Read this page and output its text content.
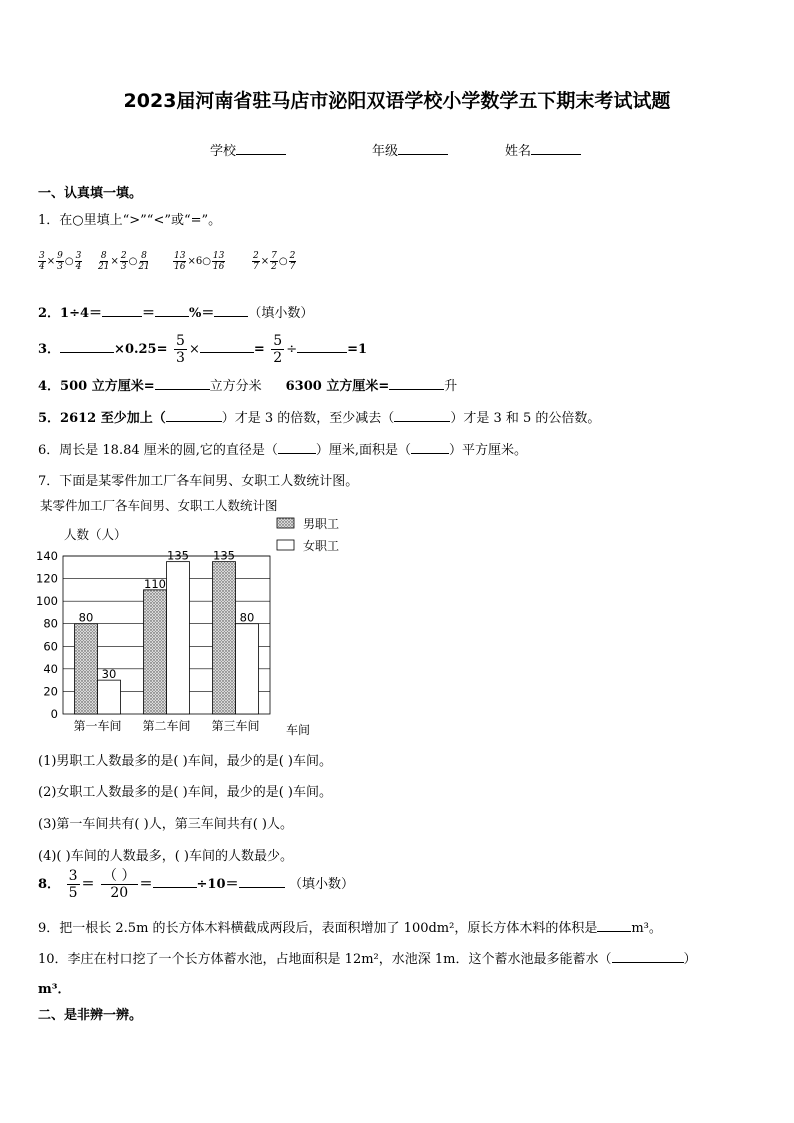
2023届河南省驻马店市泌阳双语学校小学数学五下期末考试试题
学校	年级	姓名
一、认真填一填。
1．在○里填上“>”“<”或“=”。
$\frac{3}{4} \times \frac{9}{3}$ ○ $\frac{3}{4} \frac{8}{21} \times \frac{2}{3}$ ○ $\frac{8}{21}$	$\frac{13}{16}$ ×6○ $\frac{13}{16}$	$\frac{2}{7} \times \frac{7}{2}$ ○ $\frac{2}{7}$
2．1÷4＝	＝	%＝	（填小数）
3．	$\times 0.25= \frac{5}{3}$ ×	= $\frac{5}{2}$ ÷	=1
4．500 立方厘米=	立方分米 6300 立方厘米=	升
5．2612 至少加上（	）才是 3 的倍数，至少减去（	）才是 3 和 5 的公倍数。
6．周长是 18.84 厘米的圆,它的直径是（	）厘米,面积是（	）平方厘米。
7．下面是某零件加工厂各车间男、女职工人数统计图。
某零件加工厂各车间男、女职工人数统计图
人数（人）
0
20
40
60
80
100
120
140
80
30
第一车间
110
135
第二车间
135
80
第三车间 车间
男职工
女职工
(1)男职工人数最多的是( )车间，最少的是( )车间。
(2)女职工人数最多的是( )车间，最少的是( )车间。
(3)第一车间共有( )人，第三车间共有( )人。
(4)( )车间的人数最多，( )车间的人数最少。
8． $\frac{3}{5}$ ＝
（ ）
20
＝	÷10＝	（填小数）
9．把一根长 2.5m 的长方体木料横截成两段后，表面积增加了 100dm²，原长方体木料的体积是	m³。
10．李庄在村口挖了一个长方体蓄水池，占地面积是 12m²，水池深 1m．这个蓄水池最多能蓄水（	）
m³．
二、是非辨一辨。
